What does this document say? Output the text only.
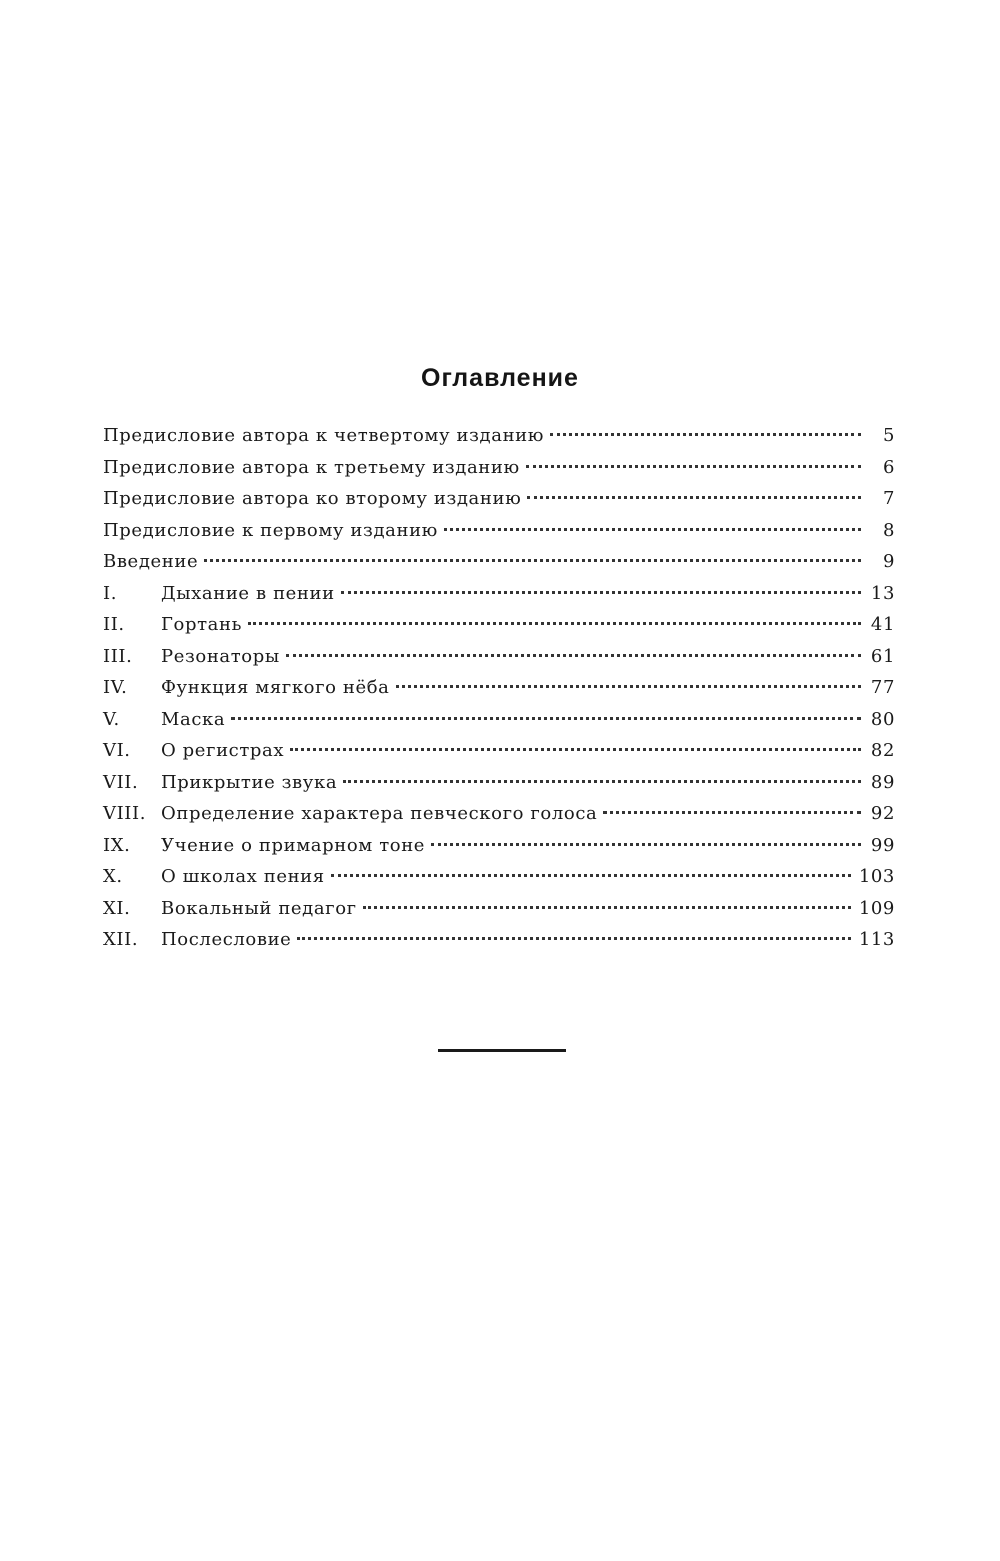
Оглавление
Предисловие автора к четвертому изданию	5
Предисловие автора к третьему изданию	6
Предисловие автора ко второму изданию	7
Предисловие к первому изданию	8
Введение	9
I.	Дыхание в пении	13
II.	Гортань	41
III.	Резонаторы	61
IV.	Функция мягкого нёба	77
V.	Маска	80
VI.	О регистрах	82
VII.	Прикрытие звука	89
VIII. Определение характера певческого голоса	92
IX.	Учение о примарном тоне	99
X.	О школах пения	103
XI.	Вокальный педагог	109
XII.	Послесловие	113
